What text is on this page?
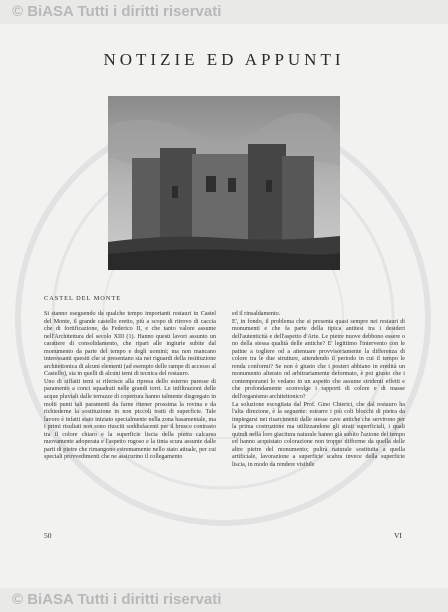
© BiASA Tutti i diritti riservati
NOTIZIE ED APPUNTI
CASTEL DEL MONTE

Si stanno eseguendo da qualche tempo importanti restauri in Castel del Monte, il grande castello eretto, più a scopo di ritrovo di caccia che di fortificazione, da Federico II, e che tanto valore assume nell'Architettura del secolo XIII (1). Hanno questi lavori assunto un carattere di consolidamento, che ripari alle ingiurie subite dal monumento da parte del tempo e degli uomini; ma non mancano interessanti quesiti che si presentano sia nei riguardi della restituzione architettonica di alcuni elementi (ad esempio delle rampe di accesso al Castello), sia in quelli di alcuni temi di tecnica del restauro.

Uno di siffatti temi si riferisce alla ripresa dello esterno paresse di paramento a conci squadrati nelle grandi torri. Le infiltrazioni delle acque pluviali dalle terrazze di copertura hanno talmente disgregato in molti punti tali paramenti da farne ritener prossima la rovina e da richiederne la sostituzione in non piccoli tratti di superficie. Tale lavoro è infatti stato iniziato specialmente nella zona basamentale, ma i primi risultati non sono riusciti soddisfacenti per il brusco contrasto tra il colore chiaro e la superficie liscia della pietra calcarea nuovamente adoperata e l'aspetto rugoso e la tinta scura assunte dalle parti di pietre che rimangono estremamente nello stato attuale, per cui speciali provvedimenti che ne assicurino il collegamento

ed il rinsaldamento.

E', in fondo, il problema che si presenta quasi sempre nei restauri di monumenti e che fa parte della tipica antitesi tra i desideri dell'autenticità e dell'aspetto d'Arte. Le pietre nuove debbono essere o no della stessa qualità delle antiche? E' legittimo l'intervento con le patine a togliere od a attenuare provvisoriamente la differenza di colore tra le due strutture, attendendo il periodo in cui il tempo le renda conformi? Se non è giusto che i posteri abbiano in eredità un monumento alterato od arbitrariamente deformato, è poi giusto che i contemporanei lo vedano in un aspetto che assume stridenti effetti e che profondamente sconvolge i rapporti di colore e di masse dell'organismo architettonico?

La soluzione escogitata dal Prof. Gino Chierici, che dal restauro ha l'alta direzione, è la seguente: estrarre i più coli blocchi di pietra da impiegarsi nei risarcimenti dalle stesse cave antiche che servirono per la prima costruzione ma utilizzandone gli strati superficiali, i quali quindi nella loro giacitura naturale hanno già subìto l'azione del tempo ed hanno acquistato colorazione non troppo difforme da quella delle altre pietre del monumento; pulirà naturale sostituita a quella artificiale, lavorazione a superficie scabra invece della superficie liscia, in modo da rendere visibile

50	VI
© BiASA Tutti i diritti riservati
